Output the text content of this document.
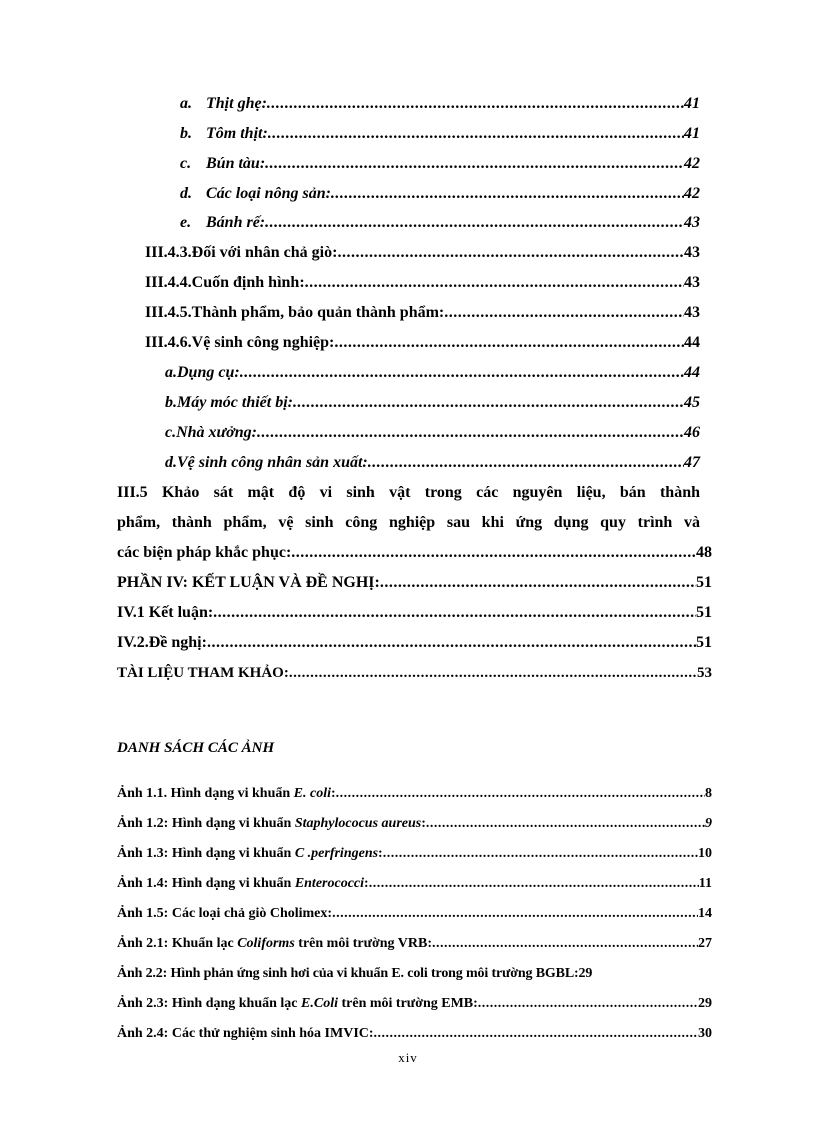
a. Thịt ghẹ: .....	41
b. Tôm thịt: .....	41
c. Bún tàu: .....	42
d. Các loại nông sản: .....	42
e. Bánh rế: .....	43
III.4.3.Đối với nhân chả giò: .....	43
III.4.4.Cuốn định hình: .....	43
III.4.5.Thành phẩm, bảo quản thành phẩm: .....	43
III.4.6.Vệ sinh công nghiệp: .....	44
a.Dụng cụ: .....	44
b.Máy móc thiết bị: .....	45
c.Nhà xưởng: .....	46
d.Vệ sinh công nhân sản xuất: .....	47
III.5 Khảo sát mật độ vi sinh vật trong các nguyên liệu, bán thành
phẩm, thành phẩm, vệ sinh công nghiệp sau khi ứng dụng quy trình và
các biện pháp khắc phục: .....	48
PHẦN IV: KẾT LUẬN VÀ ĐỀ NGHỊ: .....	51
IV.1 Kết luận: .....	51
IV.2.Đề nghị: .....	51
TÀI LIỆU THAM KHẢO: .....	53
DANH SÁCH CÁC ẢNH
Ảnh 1.1. Hình dạng vi khuẩn E. coli: .....	8
Ảnh 1.2: Hình dạng vi khuẩn Staphylococus aureus: .....	9
Ảnh 1.3: Hình dạng vi khuẩn C .perfringens: .....	10
Ảnh 1.4: Hình dạng vi khuẩn Enterococci: .....	11
Ảnh 1.5: Các loại chả giò Cholimex: .....	14
Ảnh 2.1: Khuẩn lạc Coliforms trên môi trường VRB: .....	27
Ảnh 2.2: Hình phản ứng sinh hơi của vi khuẩn E. coli trong môi trường BGBL:29
Ảnh 2.3: Hình dạng khuẩn lạc E.Coli trên môi trường EMB: .....	29
Ảnh 2.4: Các thử nghiệm sinh hóa IMVIC: .....	30
xiv
